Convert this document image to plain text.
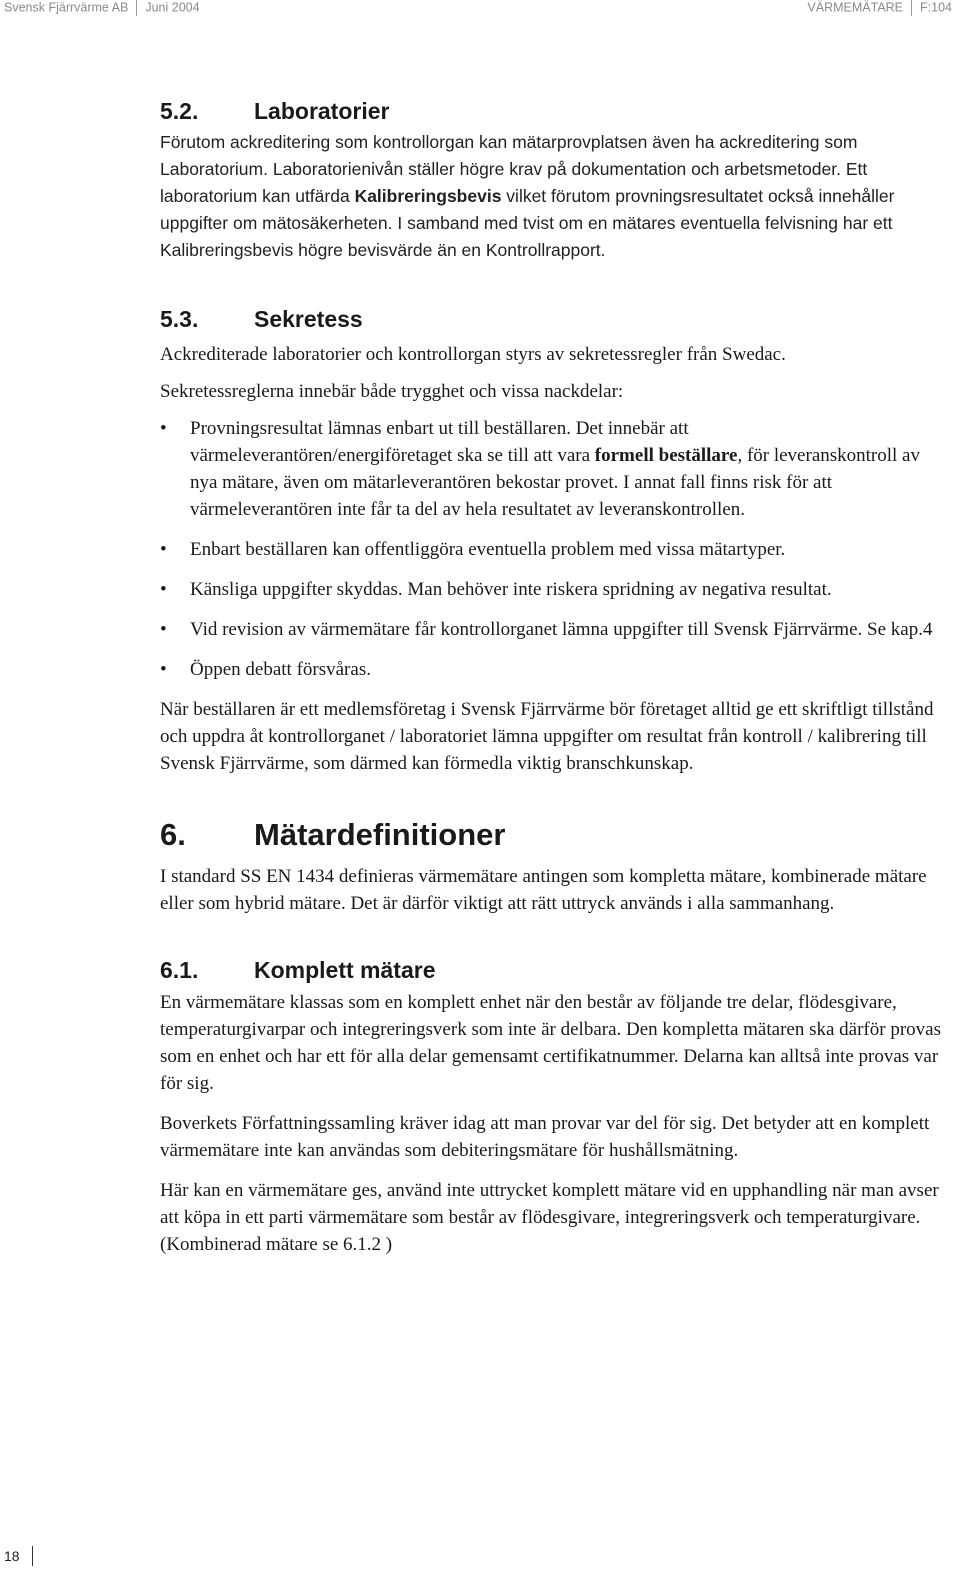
Svensk Fjärrvärme AB Juni 2004	VÄRMEMÄTARE F:104
5.2.	Laboratorier

Förutom ackreditering som kontrollorgan kan mätarprovplatsen även ha ackreditering som Laboratorium. Laboratorienivån ställer högre krav på dokumentation och arbetsmetoder. Ett laboratorium kan utfärda Kalibreringsbevis vilket förutom provningsresultatet också innehåller uppgifter om mätosäkerheten. I samband med tvist om en mätares eventuella felvisning har ett Kalibreringsbevis högre bevisvärde än en Kontrollrapport.

5.3.	Sekretess

Ackrediterade laboratorier och kontrollorgan styrs av sekretessregler från Swedac.

Sekretessreglerna innebär både trygghet och vissa nackdelar:

• Provningsresultat lämnas enbart ut till beställaren. Det innebär att värmeleverantören/energiföretaget ska se till att vara formell beställare, för leveranskontroll av nya mätare, även om mätarleverantören bekostar provet. I annat fall finns risk för att värmeleverantören inte får ta del av hela resultatet av leveranskontrollen.
• Enbart beställaren kan offentliggöra eventuella problem med vissa mätartyper.
• Känsliga uppgifter skyddas. Man behöver inte riskera spridning av negativa resultat.
• Vid revision av värmemätare får kontrollorganet lämna uppgifter till Svensk Fjärrvärme. Se kap.4
• Öppen debatt försvåras.

När beställaren är ett medlemsföretag i Svensk Fjärrvärme bör företaget alltid ge ett skriftligt tillstånd och uppdra åt kontrollorganet / laboratoriet lämna uppgifter om resultat från kontroll / kalibrering till Svensk Fjärrvärme, som därmed kan förmedla viktig branschkunskap.

6.	Mätardefinitioner

I standard SS EN 1434 definieras värmemätare antingen som kompletta mätare, kombinerade mätare eller som hybrid mätare. Det är därför viktigt att rätt uttryck används i alla sammanhang.

6.1.	Komplett mätare

En värmemätare klassas som en komplett enhet när den består av följande tre delar, flödesgivare, temperaturgivarpar och integreringsverk som inte är delbara. Den kompletta mätaren ska därför provas som en enhet och har ett för alla delar gemensamt certifikatnummer. Delarna kan alltså inte provas var för sig.

Boverkets Författningssamling kräver idag att man provar var del för sig. Det betyder att en komplett värmemätare inte kan användas som debiteringsmätare för hushållsmätning.

Här kan en värmemätare ges, använd inte uttrycket komplett mätare vid en upphandling när man avser att köpa in ett parti värmemätare som består av flödesgivare, integreringsverk och temperaturgivare. (Kombinerad mätare se 6.1.2 )

18
